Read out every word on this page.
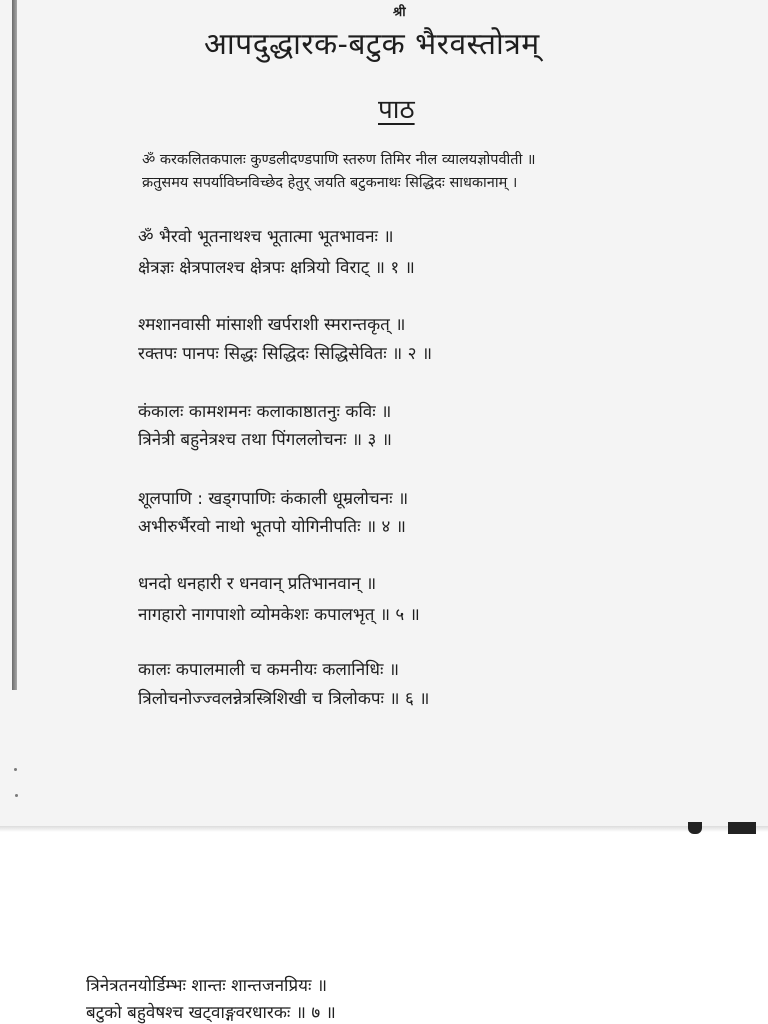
श्री

आपदुद्धारक-बटुक भैरवस्तोत्रम्
पाठ

ॐ करकलितकपालः कुण्डलीदण्डपाणि स्तरुण तिमिर नील व्यालयज्ञोपवीती ॥

क्रतुसमय सपर्याविघ्नविच्छेद हेतुर् जयति बटुकनाथः सिद्धिदः साधकानाम् ।

ॐ भैरवो भूतनाथश्च भूतात्मा भूतभावनः ॥

क्षेत्रज्ञः क्षेत्रपालश्च क्षेत्रपः क्षत्रियो विराट् ॥ १ ॥

श्मशानवासी मांसाशी खर्पराशी स्मरान्तकृत् ॥

रक्तपः पानपः सिद्धः सिद्धिदः सिद्धिसेवितः ॥ २ ॥

कंकालः कामशमनः कलाकाष्ठातनुः कविः ॥

त्रिनेत्री बहुनेत्रश्च तथा पिंगललोचनः ॥ ३ ॥

शूलपाणि : खड्गपाणिः कंकाली धूम्रलोचनः ॥

अभीरुर्भैरवो नाथो भूतपो योगिनीपतिः ॥ ४ ॥

धनदो धनहारी र धनवान् प्रतिभानवान् ॥

नागहारो नागपाशो व्योमकेशः कपालभृत् ॥ ५ ॥

कालः कपालमाली च कमनीयः कलानिधिः ॥

त्रिलोचनोज्ज्वलन्नेत्रस्त्रिशिखी च त्रिलोकपः ॥ ६ ॥

त्रिनेत्रतनयोर्डिम्भः शान्तः शान्तजनप्रियः ॥

बटुको बहुवेषश्च खट्वाङ्गवरधारकः ॥ ७ ॥
